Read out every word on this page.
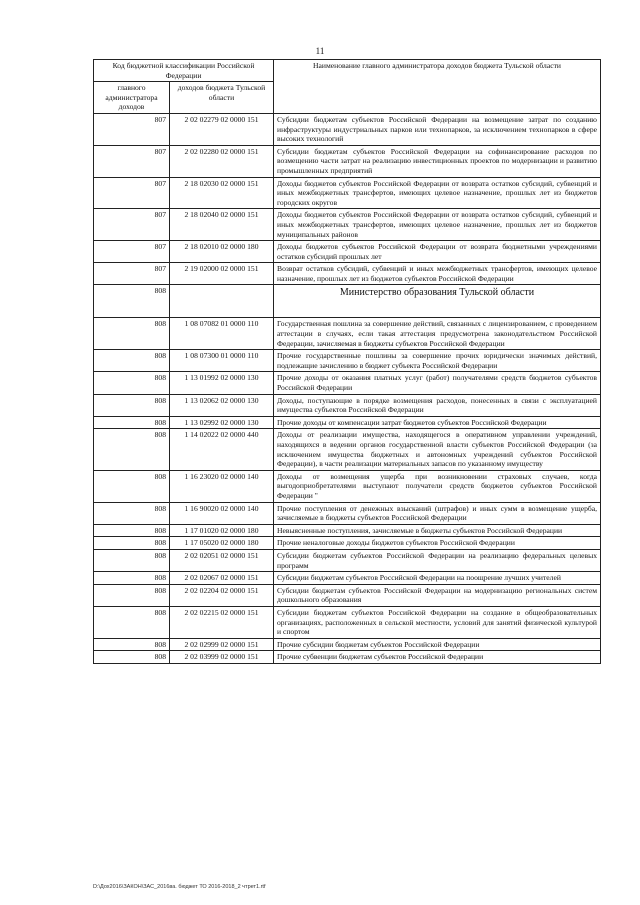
11
Код бюджетной классификации Российской Федерации		Наименование главного администратора доходов бюджета Тульской области
главного администратора доходов	доходов бюджета Тульской области	
807	2 02 02279 02 0000 151	Субсидии бюджетам субъектов Российской Федерации на возмещение затрат по созданию инфраструктуры индустриальных парков или технопарков, за исключением технопарков в сфере высоких технологий
807	2 02 02280 02 0000 151	Субсидии бюджетам субъектов Российской Федерации на софинансирование расходов по возмещению части затрат на реализацию инвестиционных проектов по модернизации и развитию промышленных предприятий
807	2 18 02030 02 0000 151	Доходы бюджетов субъектов Российской Федерации от возврата остатков субсидий, субвенций и иных межбюджетных трансфертов, имеющих целевое назначение, прошлых лет из бюджетов городских округов
807	2 18 02040 02 0000 151	Доходы бюджетов субъектов Российской Федерации от возврата остатков субсидий, субвенций и иных межбюджетных трансфертов, имеющих целевое назначение, прошлых лет из бюджетов муниципальных районов
807	2 18 02010 02 0000 180	Доходы бюджетов субъектов Российской Федерации от возврата бюджетными учреждениями остатков субсидий прошлых лет
807	2 19 02000 02 0000 151	Возврат остатков субсидий, субвенций и иных межбюджетных трансфертов, имеющих целевое назначение, прошлых лет из бюджетов субъектов Российской Федерации
808		Министерство образования Тульской области
808	1 08 07082 01 0000 110	Государственная пошлина за совершение действий, связанных с лицензированием, с проведением аттестации в случаях, если такая аттестация предусмотрена законодательством Российской Федерации, зачисляемая в бюджеты субъектов Российской Федерации
808	1 08 07300 01 0000 110	Прочие государственные пошлины за совершение прочих юридически значимых действий, подлежащие зачислению в бюджет субъекта Российской Федерации
808	1 13 01992 02 0000 130	Прочие доходы от оказания платных услуг (работ) получателями средств бюджетов субъектов Российской Федерации
808	1 13 02062 02 0000 130	Доходы, поступающие в порядке возмещения расходов, понесенных в связи с эксплуатацией имущества субъектов Российской Федерации
808	1 13 02992 02 0000 130	Прочие доходы от компенсации затрат бюджетов субъектов Российской Федерации
808	1 14 02022 02 0000 440	Доходы от реализации имущества, находящегося в оперативном управлении учреждений, находящихся в ведении органов государственной власти субъектов Российской Федерации (за исключением имущества бюджетных и автономных учреждений субъектов Российской Федерации), в части реализации материальных запасов по указанному имуществу
808	1 16 23020 02 0000 140	Доходы от возмещения ущерба при возникновении страховых случаев, когда выгодоприобретателями выступают получатели средств бюджетов субъектов Российской Федерации "
808	1 16 90020 02 0000 140	Прочие поступления от денежных взысканий (штрафов) и иных сумм в возмещение ущерба, зачисляемые в бюджеты субъектов Российской Федерации
808	1 17 01020 02 0000 180	Невыясненные поступления, зачисляемые в бюджеты субъектов Российской Федерации
808	1 17 05020 02 0000 180	Прочие неналоговые доходы бюджетов субъектов Российской Федерации
808	2 02 02051 02 0000 151	Субсидии бюджетам субъектов Российской Федерации на реализацию федеральных целевых программ
808	2 02 02067 02 0000 151	Субсидии бюджетам субъектов Российской Федерации на поощрение лучших учителей
808	2 02 02204 02 0000 151	Субсидии бюджетам субъектов Российской Федерации на модернизацию региональных систем дошкольного образования
808	2 02 02215 02 0000 151	Субсидии бюджетам субъектов Российской Федерации на создание в общеобразовательных организациях, расположенных в сельской местности, условий для занятий физической культурой и спортом
808	2 02 02999 02 0000 151	Прочие субсидии бюджетам субъектов Российской Федерации
808	2 02 03999 02 0000 151	Прочие субвенции бюджетам субъектов Российской Федерации
D:\Дох2016\ЗАКОН\ЗАС_2016ва. бюджет ТО 2016-2018_2 чтрет1.rtf
